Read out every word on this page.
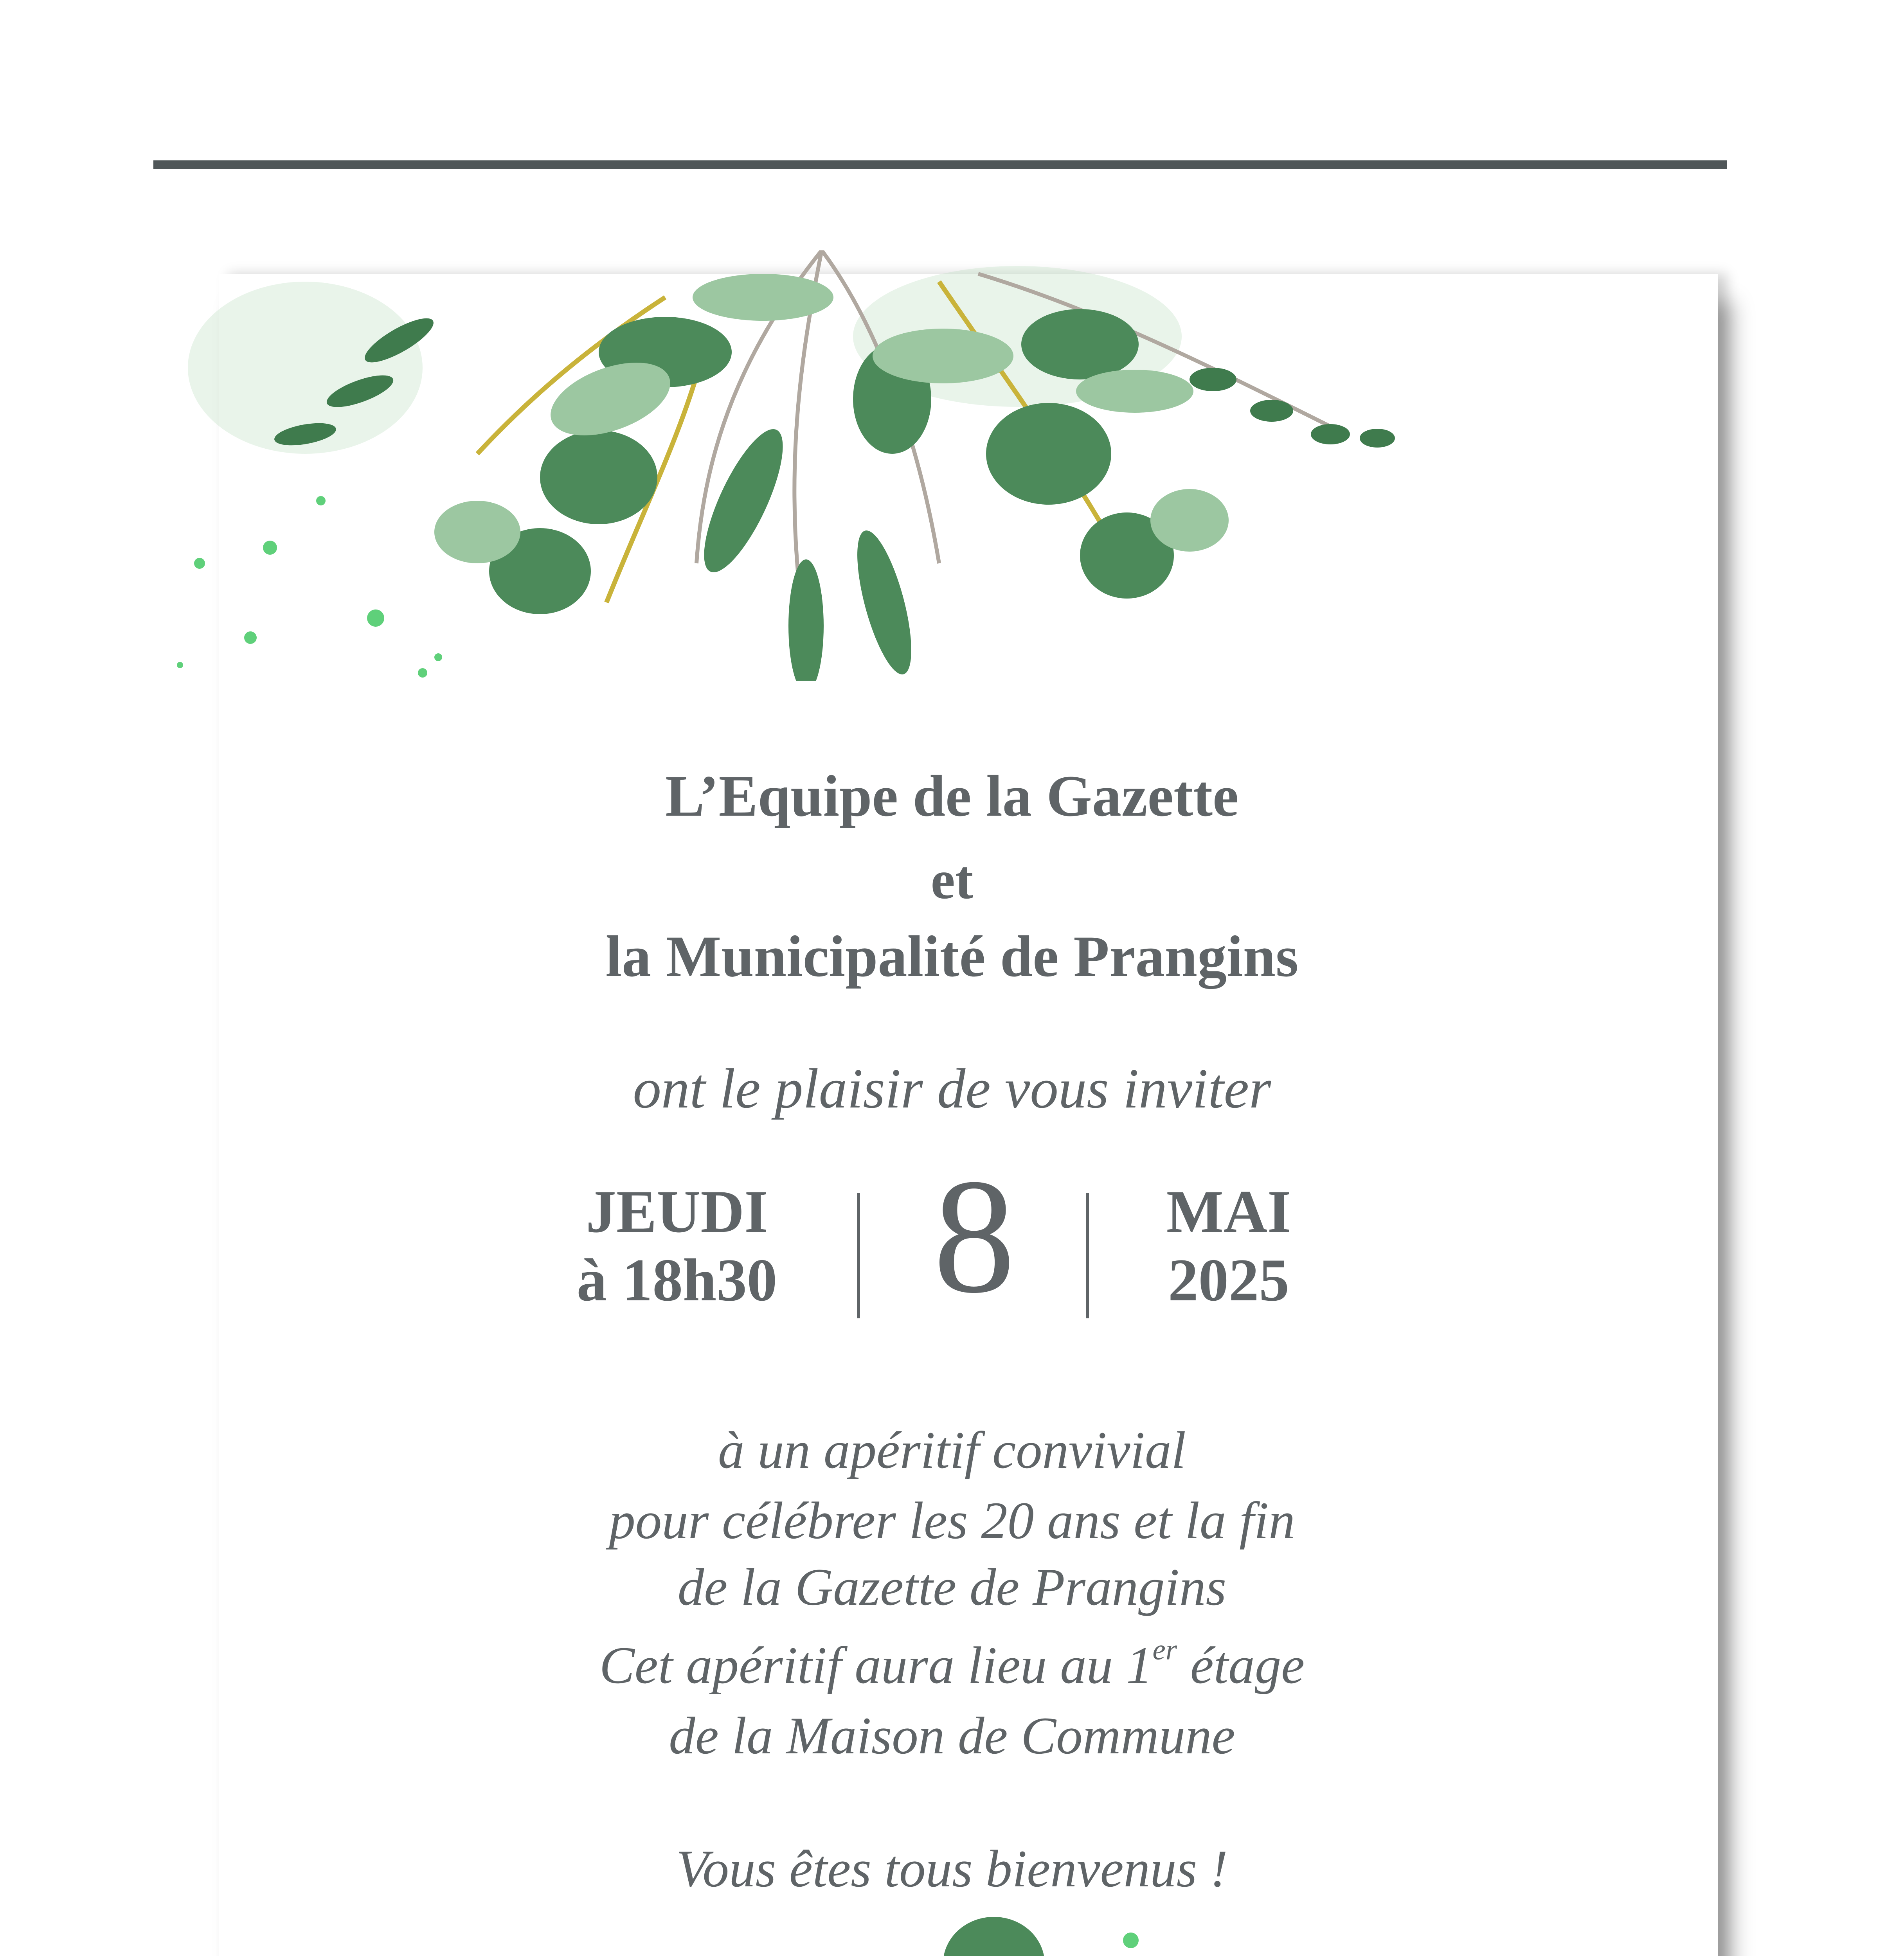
L’Equipe de la Gazette
et
la Municipalité de Prangins
ont le plaisir de vous inviter
JEUDI
à 18h30 8	MAI
2025
à un apéritif convivial
pour célébrer les 20 ans et la fin
de la Gazette de Prangins
Cet apéritif aura lieu au 1er étage
de la Maison de Commune
Vous êtes tous bienvenus !
